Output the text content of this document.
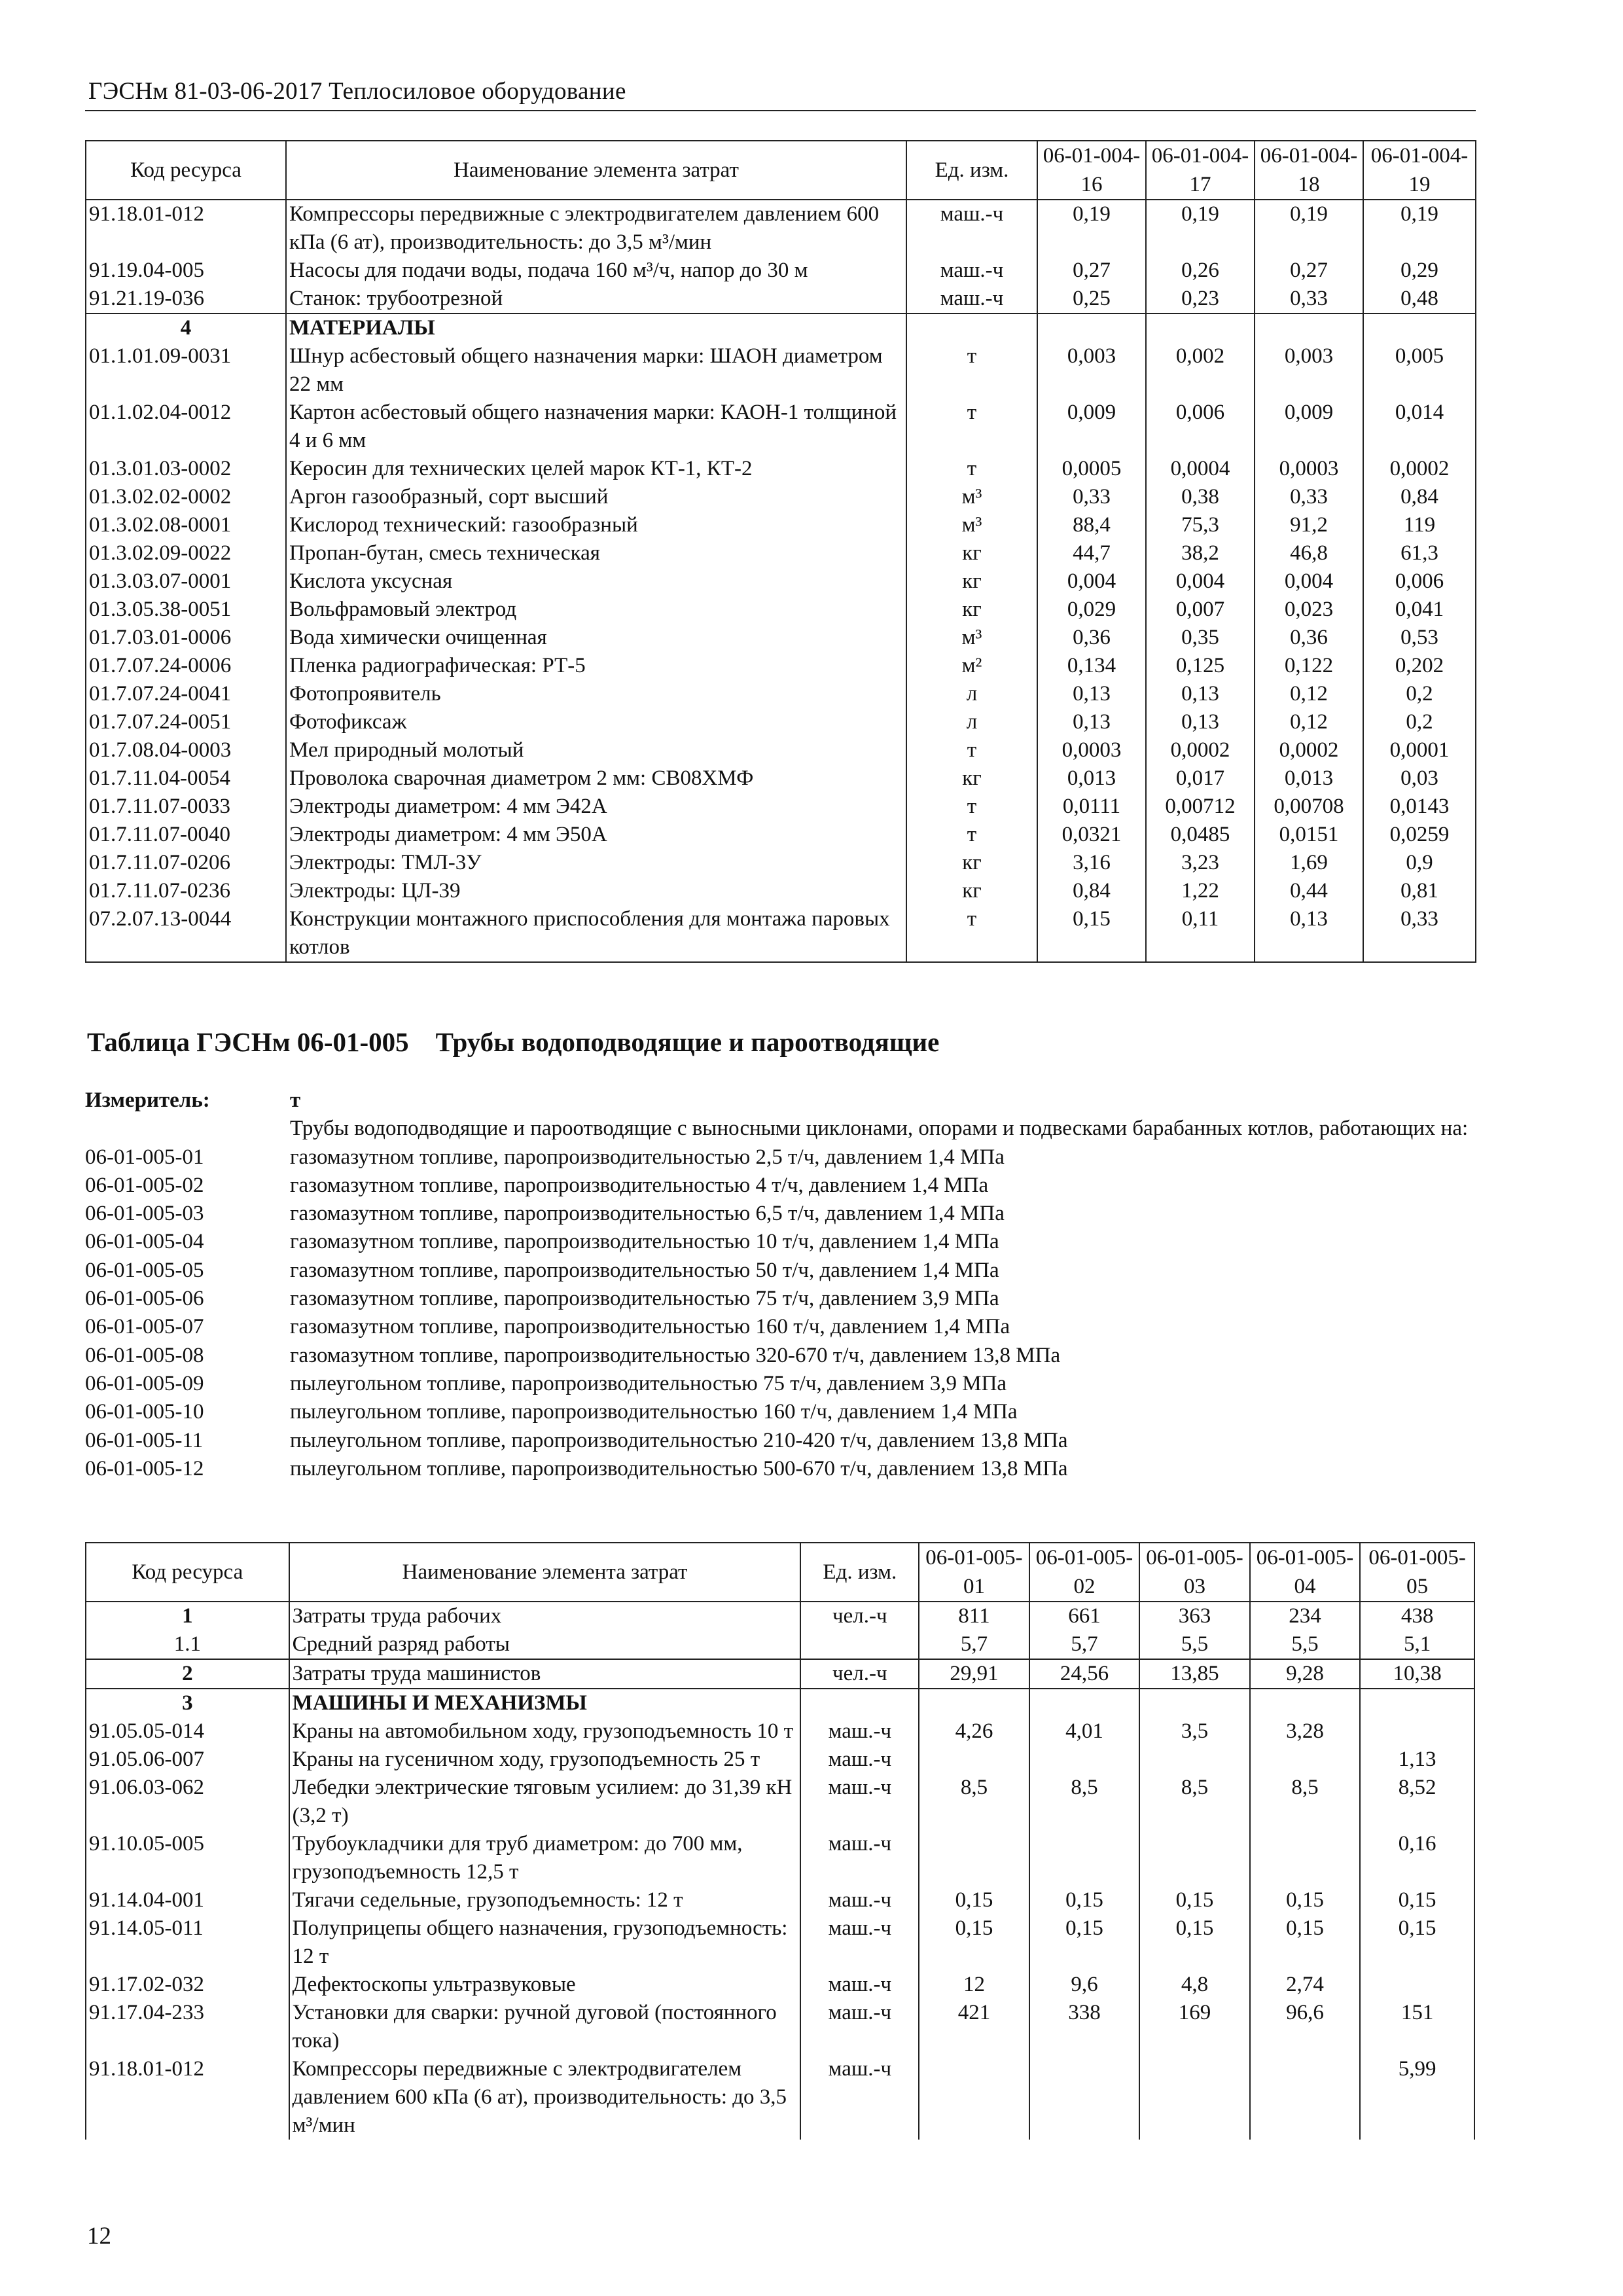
ГЭСНм 81-03-06-2017 Теплосиловое оборудование
Код ресурса	Наименование элемента затрат	Ед. изм.	06-01-004-16	06-01-004-17	06-01-004-18	06-01-004-19
91.18.01-012	Компрессоры передвижные с электродвигателем давлением 600 кПа (6 ат), производительность: до 3,5 м³/мин	маш.-ч	0,19	0,19	0,19	0,19
91.19.04-005	Насосы для подачи воды, подача 160 м³/ч, напор до 30 м	маш.-ч	0,27	0,26	0,27	0,29
91.21.19-036	Станок: трубоотрезной	маш.-ч	0,25	0,23	0,33	0,48
4	МАТЕРИАЛЫ					
01.1.01.09-0031	Шнур асбестовый общего назначения марки: ШАОН диаметром 22 мм	т	0,003	0,002	0,003	0,005
01.1.02.04-0012	Картон асбестовый общего назначения марки: КАОН-1 толщиной 4 и 6 мм	т	0,009	0,006	0,009	0,014
01.3.01.03-0002	Керосин для технических целей марок КТ-1, КТ-2	т	0,0005	0,0004	0,0003	0,0002
01.3.02.02-0002	Аргон газообразный, сорт высший	м³	0,33	0,38	0,33	0,84
01.3.02.08-0001	Кислород технический: газообразный	м³	88,4	75,3	91,2	119
01.3.02.09-0022	Пропан-бутан, смесь техническая	кг	44,7	38,2	46,8	61,3
01.3.03.07-0001	Кислота уксусная	кг	0,004	0,004	0,004	0,006
01.3.05.38-0051	Вольфрамовый электрод	кг	0,029	0,007	0,023	0,041
01.7.03.01-0006	Вода химически очищенная	м³	0,36	0,35	0,36	0,53
01.7.07.24-0006	Пленка радиографическая: РТ-5	м²	0,134	0,125	0,122	0,202
01.7.07.24-0041	Фотопроявитель	л	0,13	0,13	0,12	0,2
01.7.07.24-0051	Фотофиксаж	л	0,13	0,13	0,12	0,2
01.7.08.04-0003	Мел природный молотый	т	0,0003	0,0002	0,0002	0,0001
01.7.11.04-0054	Проволока сварочная диаметром 2 мм: СВ08ХМФ	кг	0,013	0,017	0,013	0,03
01.7.11.07-0033	Электроды диаметром: 4 мм Э42А	т	0,0111	0,00712	0,00708	0,0143
01.7.11.07-0040	Электроды диаметром: 4 мм Э50А	т	0,0321	0,0485	0,0151	0,0259
01.7.11.07-0206	Электроды: ТМЛ-3У	кг	3,16	3,23	1,69	0,9
01.7.11.07-0236	Электроды: ЦЛ-39	кг	0,84	1,22	0,44	0,81
07.2.07.13-0044	Конструкции монтажного приспособления для монтажа паровых котлов	т	0,15	0,11	0,13	0,33
Таблица ГЭСНм 06-01-005    Трубы водоподводящие и пароотводящие
Измеритель:	т
Трубы водоподводящие и пароотводящие с выносными циклонами, опорами и подвесками барабанных котлов, работающих на:
06-01-005-01	газомазутном топливе, паропроизводительностью 2,5 т/ч, давлением 1,4 МПа
06-01-005-02	газомазутном топливе, паропроизводительностью 4 т/ч, давлением 1,4 МПа
06-01-005-03	газомазутном топливе, паропроизводительностью 6,5 т/ч, давлением 1,4 МПа
06-01-005-04	газомазутном топливе, паропроизводительностью 10 т/ч, давлением 1,4 МПа
06-01-005-05	газомазутном топливе, паропроизводительностью 50 т/ч, давлением 1,4 МПа
06-01-005-06	газомазутном топливе, паропроизводительностью 75 т/ч, давлением 3,9 МПа
06-01-005-07	газомазутном топливе, паропроизводительностью 160 т/ч, давлением 1,4 МПа
06-01-005-08	газомазутном топливе, паропроизводительностью 320-670 т/ч, давлением 13,8 МПа
06-01-005-09	пылеугольном топливе, паропроизводительностью 75 т/ч, давлением 3,9 МПа
06-01-005-10	пылеугольном топливе, паропроизводительностью 160 т/ч, давлением 1,4 МПа
06-01-005-11	пылеугольном топливе, паропроизводительностью 210-420 т/ч, давлением 13,8 МПа
06-01-005-12	пылеугольном топливе, паропроизводительностью 500-670 т/ч, давлением 13,8 МПа
Код ресурса	Наименование элемента затрат	Ед. изм.	06-01-005-01	06-01-005-02	06-01-005-03	06-01-005-04	06-01-005-05
1	Затраты труда рабочих	чел.-ч	811	661	363	234	438
1.1	Средний разряд работы		5,7	5,7	5,5	5,5	5,1
2	Затраты труда машинистов	чел.-ч	29,91	24,56	13,85	9,28	10,38
3	МАШИНЫ И МЕХАНИЗМЫ						
91.05.05-014	Краны на автомобильном ходу, грузоподъемность 10 т	маш.-ч	4,26	4,01	3,5	3,28	
91.05.06-007	Краны на гусеничном ходу, грузоподъемность 25 т	маш.-ч					1,13
91.06.03-062	Лебедки электрические тяговым усилием: до 31,39 кН (3,2 т)	маш.-ч	8,5	8,5	8,5	8,5	8,52
91.10.05-005	Трубоукладчики для труб диаметром: до 700 мм, грузоподъемность 12,5 т	маш.-ч					0,16
91.14.04-001	Тягачи седельные, грузоподъемность: 12 т	маш.-ч	0,15	0,15	0,15	0,15	0,15
91.14.05-011	Полуприцепы общего назначения, грузоподъемность: 12 т	маш.-ч	0,15	0,15	0,15	0,15	0,15
91.17.02-032	Дефектоскопы ультразвуковые	маш.-ч	12	9,6	4,8	2,74	
91.17.04-233	Установки для сварки: ручной дуговой (постоянного тока)	маш.-ч	421	338	169	96,6	151
91.18.01-012	Компрессоры передвижные с электродвигателем давлением 600 кПа (6 ат), производительность: до 3,5 м³/мин	маш.-ч					5,99
12
